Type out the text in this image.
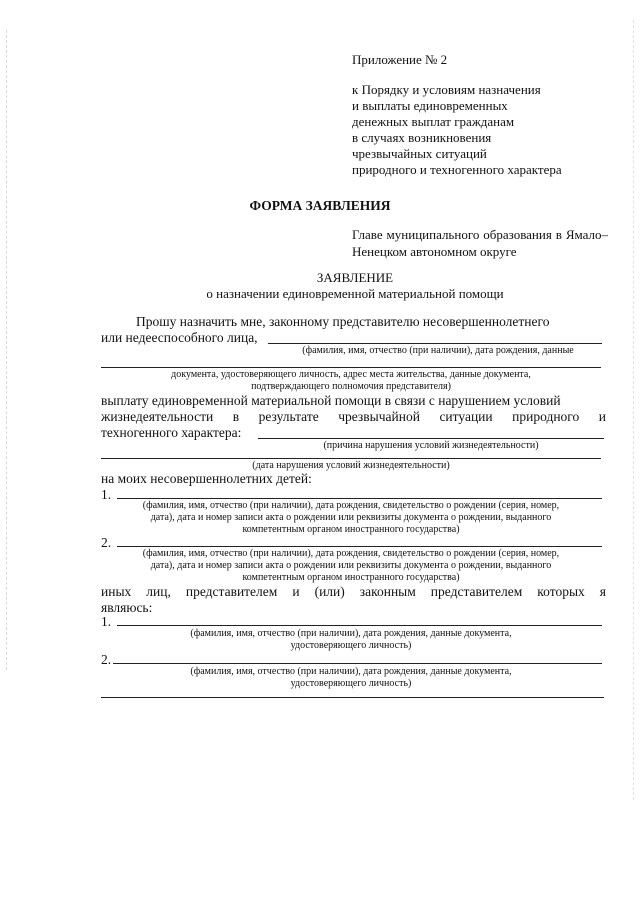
Приложение № 2
к Порядку и условиям назначения
и выплаты единовременных
денежных выплат гражданам
в случаях возникновения
чрезвычайных ситуаций
природного и техногенного характера
ФОРМА ЗАЯВЛЕНИЯ
Главе муниципального образования в Ямало–Ненецком автономном округе
ЗАЯВЛЕНИЕ
о назначении единовременной материальной помощи
Прошу назначить мне, законному представителю несовершеннолетнего
или недееспособного лица,
(фамилия, имя, отчество (при наличии), дата рождения, данные
документа, удостоверяющего личность, адрес места жительства, данные документа,
подтверждающего полномочия представителя)
выплату единовременной материальной помощи в связи с нарушением условий
жизнедеятельности в результате чрезвычайной ситуации природного и
техногенного характера:
(причина нарушения условий жизнедеятельности)
(дата нарушения условий жизнедеятельности)
на моих несовершеннолетних детей:
1.
(фамилия, имя, отчество (при наличии), дата рождения, свидетельство о рождении (серия, номер,
дата), дата и номер записи акта о рождении или реквизиты документа о рождении, выданного
компетентным органом иностранного государства)
2.
(фамилия, имя, отчество (при наличии), дата рождения, свидетельство о рождении (серия, номер,
дата), дата и номер записи акта о рождении или реквизиты документа о рождении, выданного
компетентным органом иностранного государства)
иных лиц, представителем и (или) законным представителем которых я
являюсь:
1.
(фамилия, имя, отчество (при наличии), дата рождения, данные документа,
удостоверяющего личность)
2.
(фамилия, имя, отчество (при наличии), дата рождения, данные документа,
удостоверяющего личность)
